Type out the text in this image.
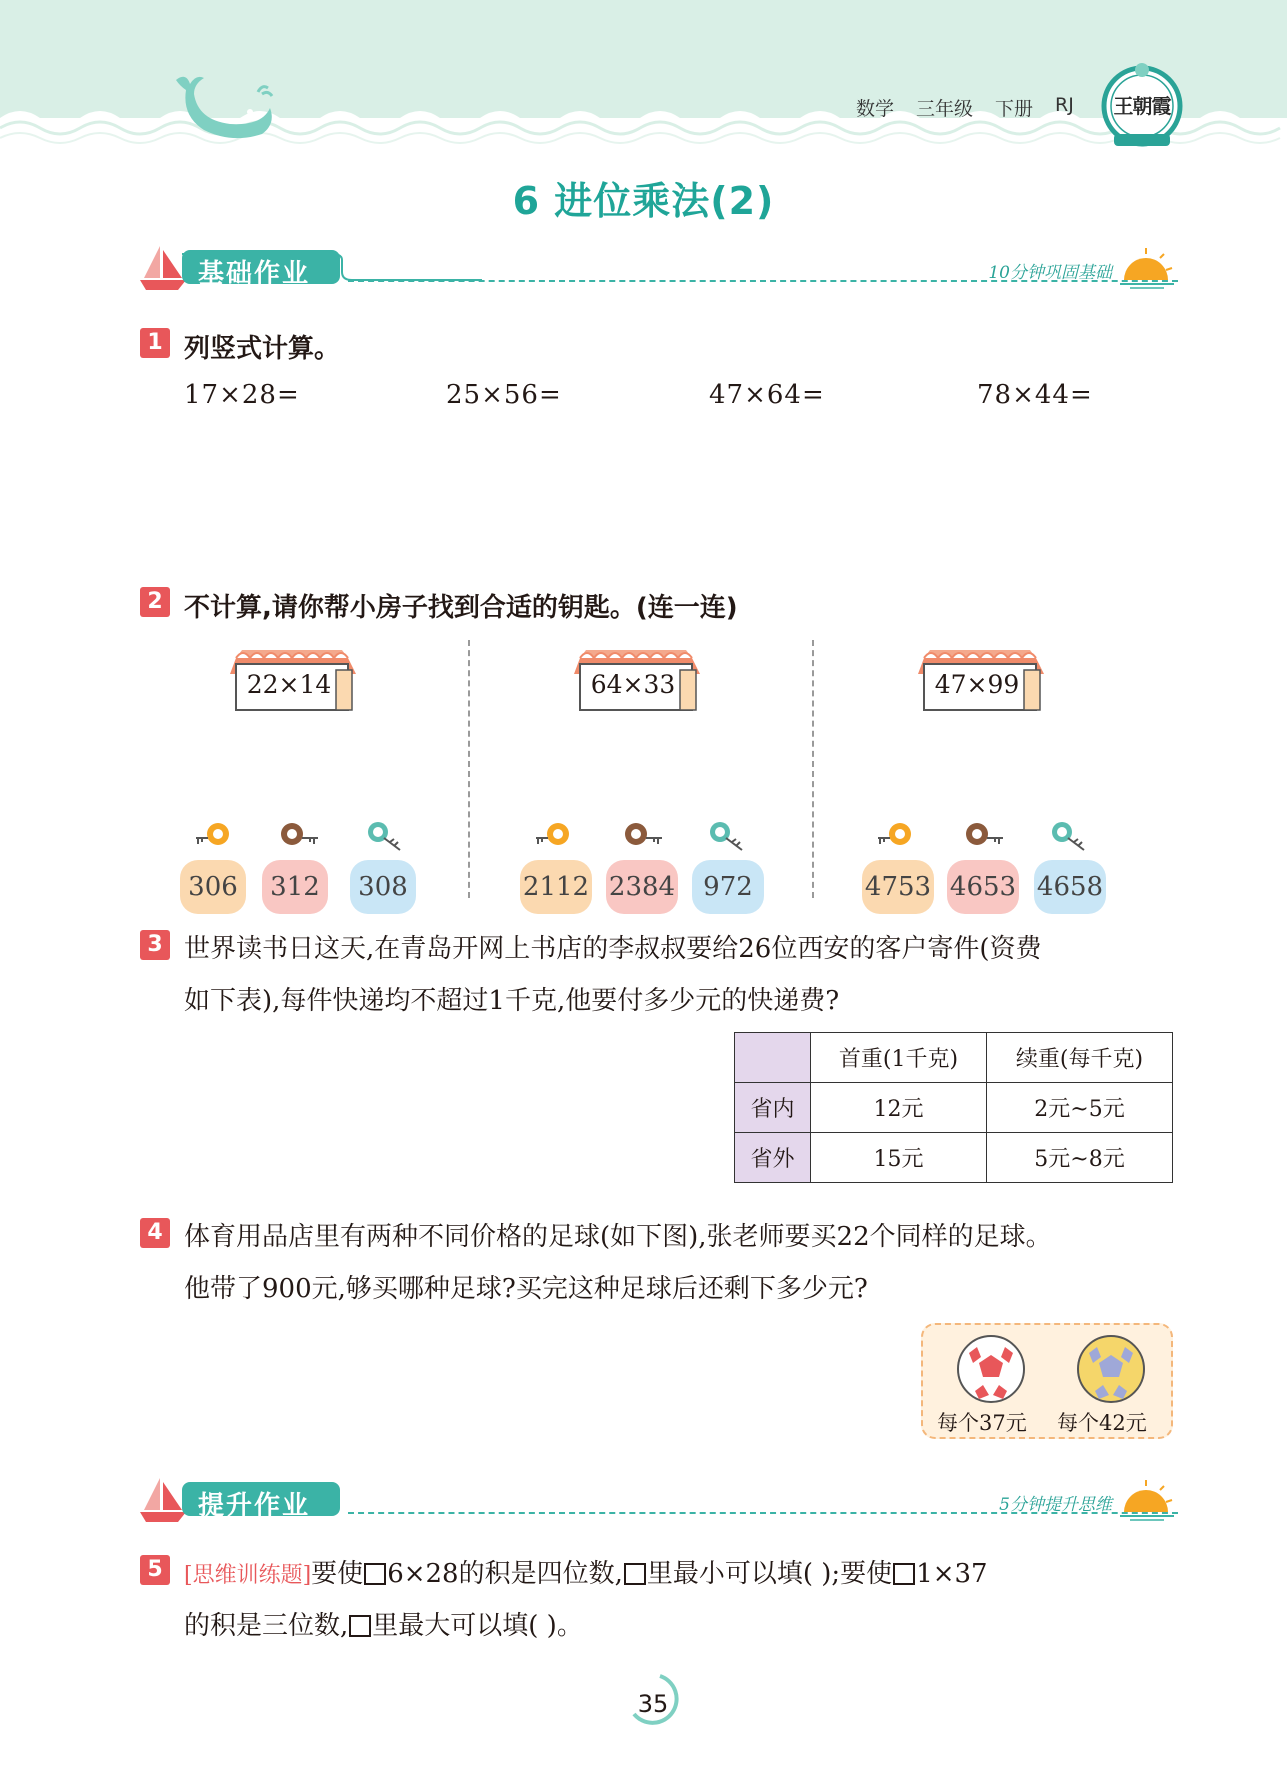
数学 三年级 下册 RJ	王朝霞
6 进位乘法(2)
基础作业	10分钟巩固基础
1 列竖式计算。
17×28=	25×56=	47×64=	78×44=
2 不计算,请你帮小房子找到合适的钥匙。(连一连)
22×14	64×33	47×99
306	312	308	2112 2384	972	4753 4653 4658
3 世界读书日这天,在青岛开网上书店的李叔叔要给26位西安的客户寄件(资费
如下表),每件快递均不超过1千克,他要付多少元的快递费?
	首重(1千克)	续重(每千克)
省内	12元	2元~5元
省外	15元	5元~8元
4 体育用品店里有两种不同价格的足球(如下图),张老师要买22个同样的足球。
他带了900元,够买哪种足球?买完这种足球后还剩下多少元?
每个37元 每个42元
提升作业	5分钟提升思维
5 [思维训练题]要使 6×28的积是四位数, 里最小可以填( );要使 1×37
的积是三位数, 里最大可以填( )。
35
